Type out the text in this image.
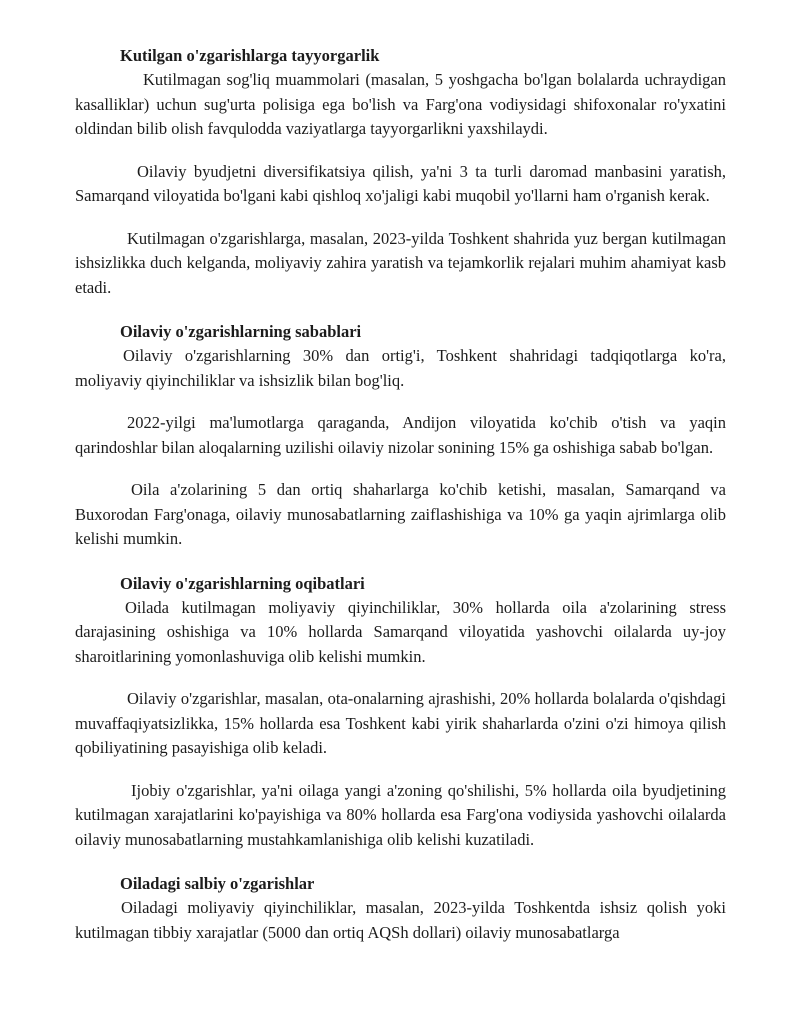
Kutilgan o'zgarishlarga tayyorgarlik

Kutilmagan sog'liq muammolari (masalan, 5 yoshgacha bo'lgan bolalarda uchraydigan kasalliklar) uchun sug'urta polisiga ega bo'lish va Farg'ona vodiysidagi shifoxonalar ro'yxatini oldindan bilib olish favqulodda vaziyatlarga tayyorgarlikni yaxshilaydi.

Oilaviy byudjetni diversifikatsiya qilish, ya'ni 3 ta turli daromad manbasini yaratish, Samarqand viloyatida bo'lgani kabi qishloq xo'jaligi kabi muqobil yo'llarni ham o'rganish kerak.

Kutilmagan o'zgarishlarga, masalan, 2023-yilda Toshkent shahrida yuz bergan kutilmagan ishsizlikka duch kelganda, moliyaviy zahira yaratish va tejamkorlik rejalari muhim ahamiyat kasb etadi.

Oilaviy o'zgarishlarning sabablari

Oilaviy o'zgarishlarning 30% dan ortig'i, Toshkent shahridagi tadqiqotlarga ko'ra, moliyaviy qiyinchiliklar va ishsizlik bilan bog'liq.

2022-yilgi ma'lumotlarga qaraganda, Andijon viloyatida ko'chib o'tish va yaqin qarindoshlar bilan aloqalarning uzilishi oilaviy nizolar sonining 15% ga oshishiga sabab bo'lgan.

Oila a'zolarining 5 dan ortiq shaharlarga ko'chib ketishi, masalan, Samarqand va Buxorodan Farg'onaga, oilaviy munosabatlarning zaiflashishiga va 10% ga yaqin ajrimlarga olib kelishi mumkin.

Oilaviy o'zgarishlarning oqibatlari

Oilada kutilmagan moliyaviy qiyinchiliklar, 30% hollarda oila a'zolarining stress darajasining oshishiga va 10% hollarda Samarqand viloyatida yashovchi oilalarda uy-joy sharoitlarining yomonlashuviga olib kelishi mumkin.

Oilaviy o'zgarishlar, masalan, ota-onalarning ajrashishi, 20% hollarda bolalarda o'qishdagi muvaffaqiyatsizlikka, 15% hollarda esa Toshkent kabi yirik shaharlarda o'zini o'zi himoya qilish qobiliyatining pasayishiga olib keladi.

Ijobiy o'zgarishlar, ya'ni oilaga yangi a'zoning qo'shilishi, 5% hollarda oila byudjetining kutilmagan xarajatlarini ko'payishiga va 80% hollarda esa Farg'ona vodiysida yashovchi oilalarda oilaviy munosabatlarning mustahkamlanishiga olib kelishi kuzatiladi.

Oiladagi salbiy o'zgarishlar

Oiladagi moliyaviy qiyinchiliklar, masalan, 2023-yilda Toshkentda ishsiz qolish yoki kutilmagan tibbiy xarajatlar (5000 dan ortiq AQSh dollari) oilaviy munosabatlarga
